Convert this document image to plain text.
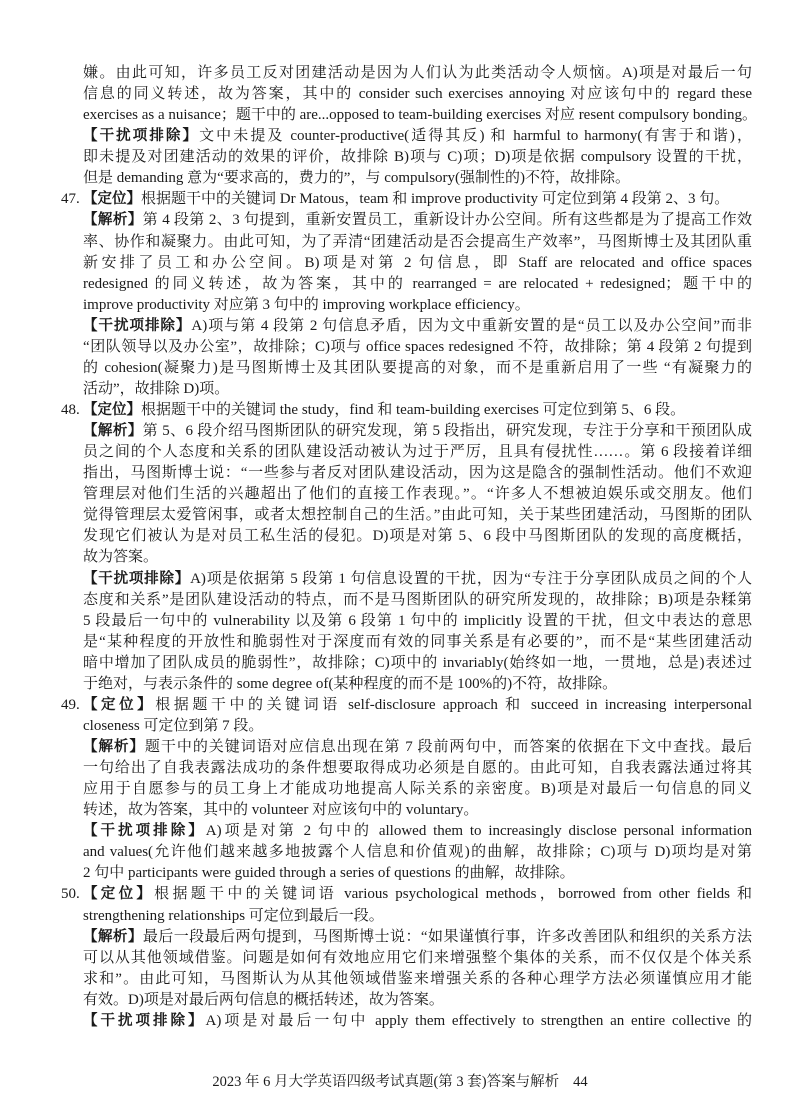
嫌。由此可知，许多员工反对团建活动是因为人们认为此类活动令人烦恼。A)项是对最后一句
信息的同义转述，故为答案，其中的 consider such exercises annoying 对应该句中的 regard these
exercises as a nuisance；题干中的 are...opposed to team-building exercises 对应 resent compulsory bonding。
【干扰项排除】文中未提及 counter-productive(适得其反) 和 harmful to harmony(有害于和谐)，
即未提及对团建活动的效果的评价，故排除 B)项与 C)项；D)项是依据 compulsory 设置的干扰，
但是 demanding 意为“要求高的，费力的”，与 compulsory(强制性的)不符，故排除。
47. 【定位】根据题干中的关键词 Dr Matous，team 和 improve productivity 可定位到第 4 段第 2、3 句。
【解析】第 4 段第 2、3 句提到，重新安置员工，重新设计办公空间。所有这些都是为了提高工作效
率、协作和凝聚力。由此可知，为了弄清“团建活动是否会提高生产效率”，马图斯博士及其团队重
新安排了员工和办公空间。B)项是对第 2 句信息，即 Staff are relocated and office spaces
redesigned 的同义转述，故为答案，其中的 rearranged = are relocated + redesigned；题干中的
improve productivity 对应第 3 句中的 improving workplace efficiency。
【干扰项排除】A)项与第 4 段第 2 句信息矛盾，因为文中重新安置的是“员工以及办公空间”而非
“团队领导以及办公室”，故排除；C)项与 office spaces redesigned 不符，故排除；第 4 段第 2 句提到
的 cohesion(凝聚力)是马图斯博士及其团队要提高的对象，而不是重新启用了一些 “有凝聚力的
活动”，故排除 D)项。
48. 【定位】根据题干中的关键词 the study，find 和 team-building exercises 可定位到第 5、6 段。
【解析】第 5、6 段介绍马图斯团队的研究发现，第 5 段指出，研究发现，专注于分享和干预团队成
员之间的个人态度和关系的团队建设活动被认为过于严厉，且具有侵扰性……。第 6 段接着详细
指出，马图斯博士说：“一些参与者反对团队建设活动，因为这是隐含的强制性活动。他们不欢迎
管理层对他们生活的兴趣超出了他们的直接工作表现。”。“许多人不想被迫娱乐或交朋友。他们
觉得管理层太爱管闲事，或者太想控制自己的生活。”由此可知，关于某些团建活动，马图斯的团队
发现它们被认为是对员工私生活的侵犯。D)项是对第 5、6 段中马图斯团队的发现的高度概括，
故为答案。
【干扰项排除】A)项是依据第 5 段第 1 句信息设置的干扰，因为“专注于分享团队成员之间的个人
态度和关系”是团队建设活动的特点，而不是马图斯团队的研究所发现的，故排除；B)项是杂糅第
5 段最后一句中的 vulnerability 以及第 6 段第 1 句中的 implicitly 设置的干扰，但文中表达的意思
是“某种程度的开放性和脆弱性对于深度而有效的同事关系是有必要的”，而不是“某些团建活动
暗中增加了团队成员的脆弱性”，故排除；C)项中的 invariably(始终如一地，一贯地，总是)表述过
于绝对，与表示条件的 some degree of(某种程度的而不是 100%的)不符，故排除。
49. 【定位】根据题干中的关键词语 self-disclosure approach 和 succeed in increasing interpersonal
closeness 可定位到第 7 段。
【解析】题干中的关键词语对应信息出现在第 7 段前两句中，而答案的依据在下文中查找。最后
一句给出了自我表露法成功的条件想要取得成功必须是自愿的。由此可知，自我表露法通过将其
应用于自愿参与的员工身上才能成功地提高人际关系的亲密度。B)项是对最后一句信息的同义
转述，故为答案，其中的 volunteer 对应该句中的 voluntary。
【干扰项排除】A)项是对第 2 句中的 allowed them to increasingly disclose personal information
and values(允许他们越来越多地披露个人信息和价值观)的曲解，故排除；C)项与 D)项均是对第
2 句中 participants were guided through a series of questions 的曲解，故排除。
50. 【定位】根据题干中的关键词语 various psychological methods，borrowed from other fields 和
strengthening relationships 可定位到最后一段。
【解析】最后一段最后两句提到，马图斯博士说：“如果谨慎行事，许多改善团队和组织的关系方法
可以从其他领域借鉴。问题是如何有效地应用它们来增强整个集体的关系，而不仅仅是个体关系
求和”。由此可知，马图斯认为从其他领域借鉴来增强关系的各种心理学方法必须谨慎应用才能
有效。D)项是对最后两句信息的概括转述，故为答案。
【干扰项排除】A)项是对最后一句中 apply them effectively to strengthen an entire collective 的
2023 年 6 月大学英语四级考试真题(第 3 套)答案与解析 44
